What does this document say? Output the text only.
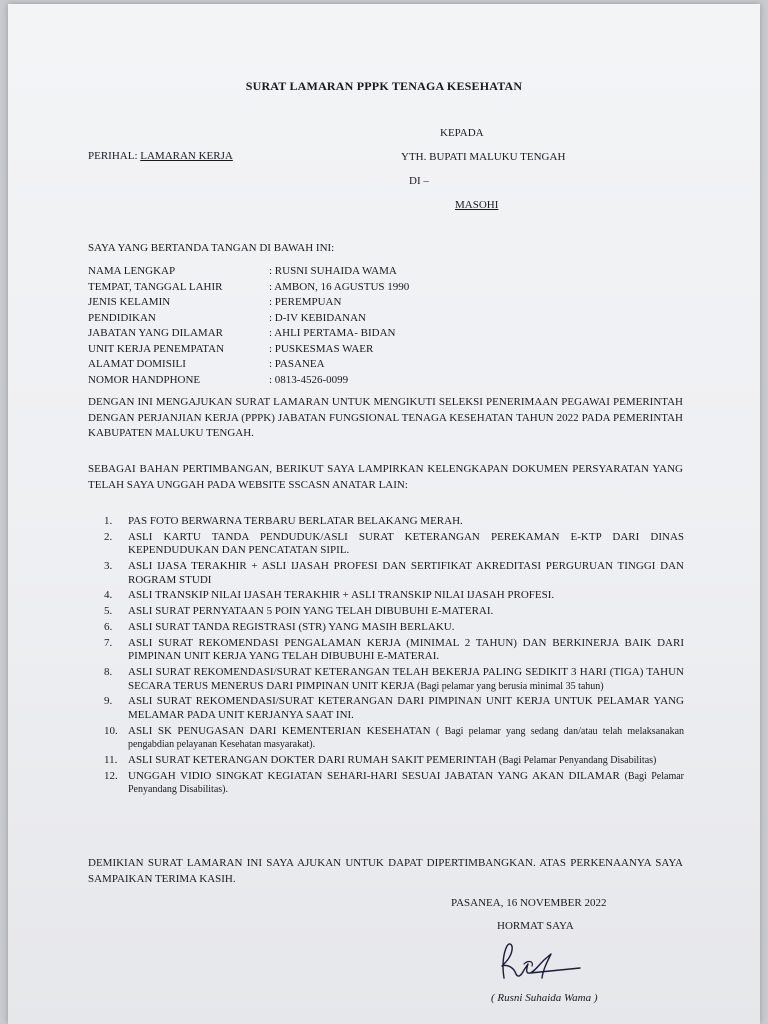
SURAT LAMARAN PPPK TENAGA KESEHATAN
KEPADA
PERIHAL: LAMARAN KERJA	YTH. BUPATI MALUKU TENGAH
DI –
MASOHI
SAYA YANG BERTANDA TANGAN DI BAWAH INI:
NAMA LENGKAP	: RUSNI SUHAIDA WAMA
TEMPAT, TANGGAL LAHIR	: AMBON, 16 AGUSTUS 1990
JENIS KELAMIN	: PEREMPUAN
PENDIDIKAN	: D-IV KEBIDANAN
JABATAN YANG DILAMAR	: AHLI PERTAMA- BIDAN
UNIT KERJA PENEMPATAN	: PUSKESMAS WAER
ALAMAT DOMISILI	: PASANEA
NOMOR HANDPHONE	: 0813-4526-0099
DENGAN INI MENGAJUKAN SURAT LAMARAN UNTUK MENGIKUTI SELEKSI PENERIMAAN PEGAWAI PEMERINTAH DENGAN PERJANJIAN KERJA (PPPK) JABATAN FUNGSIONAL TENAGA KESEHATAN TAHUN 2022 PADA PEMERINTAH KABUPATEN MALUKU TENGAH.
SEBAGAI BAHAN PERTIMBANGAN, BERIKUT SAYA LAMPIRKAN KELENGKAPAN DOKUMEN PERSYARATAN YANG TELAH SAYA UNGGAH PADA WEBSITE SSCASN ANATAR LAIN:
1. PAS FOTO BERWARNA TERBARU BERLATAR BELAKANG MERAH.
2. ASLI KARTU TANDA PENDUDUK/ASLI SURAT KETERANGAN PEREKAMAN E-KTP DARI DINAS KEPENDUDUKAN DAN PENCATATAN SIPIL.
3. ASLI IJASA TERAKHIR + ASLI IJASAH PROFESI DAN SERTIFIKAT AKREDITASI PERGURUAN TINGGI DAN ROGRAM STUDI
4. ASLI TRANSKIP NILAI IJASAH TERAKHIR + ASLI TRANSKIP NILAI IJASAH PROFESI.
5. ASLI SURAT PERNYATAAN 5 POIN YANG TELAH DIBUBUHI E-MATERAI.
6. ASLI SURAT TANDA REGISTRASI (STR) YANG MASIH BERLAKU.
7. ASLI SURAT REKOMENDASI PENGALAMAN KERJA (MINIMAL 2 TAHUN) DAN BERKINERJA BAIK DARI PIMPINAN UNIT KERJA YANG TELAH DIBUBUHI E-MATERAI.
8. ASLI SURAT REKOMENDASI/SURAT KETERANGAN TELAH BEKERJA PALING SEDIKIT 3 HARI (TIGA) TAHUN SECARA TERUS MENERUS DARI PIMPINAN UNIT KERJA (Bagi pelamar yang berusia minimal 35 tahun)
9. ASLI SURAT REKOMENDASI/SURAT KETERANGAN DARI PIMPINAN UNIT KERJA UNTUK PELAMAR YANG MELAMAR PADA UNIT KERJANYA SAAT INI.
10. ASLI SK PENUGASAN DARI KEMENTERIAN KESEHATAN ( Bagi pelamar yang sedang dan/atau telah melaksanakan pengabdian pelayanan Kesehatan masyarakat).
11. ASLI SURAT KETERANGAN DOKTER DARI RUMAH SAKIT PEMERINTAH (Bagi Pelamar Penyandang Disabilitas)
12. UNGGAH VIDIO SINGKAT KEGIATAN SEHARI-HARI SESUAI JABATAN YANG AKAN DILAMAR (Bagi Pelamar Penyandang Disabilitas).
DEMIKIAN SURAT LAMARAN INI SAYA AJUKAN UNTUK DAPAT DIPERTIMBANGKAN. ATAS PERKENAANYA SAYA SAMPAIKAN TERIMA KASIH.
PASANEA, 16 NOVEMBER 2022
HORMAT SAYA
( Rusni Suhaida Wama )
